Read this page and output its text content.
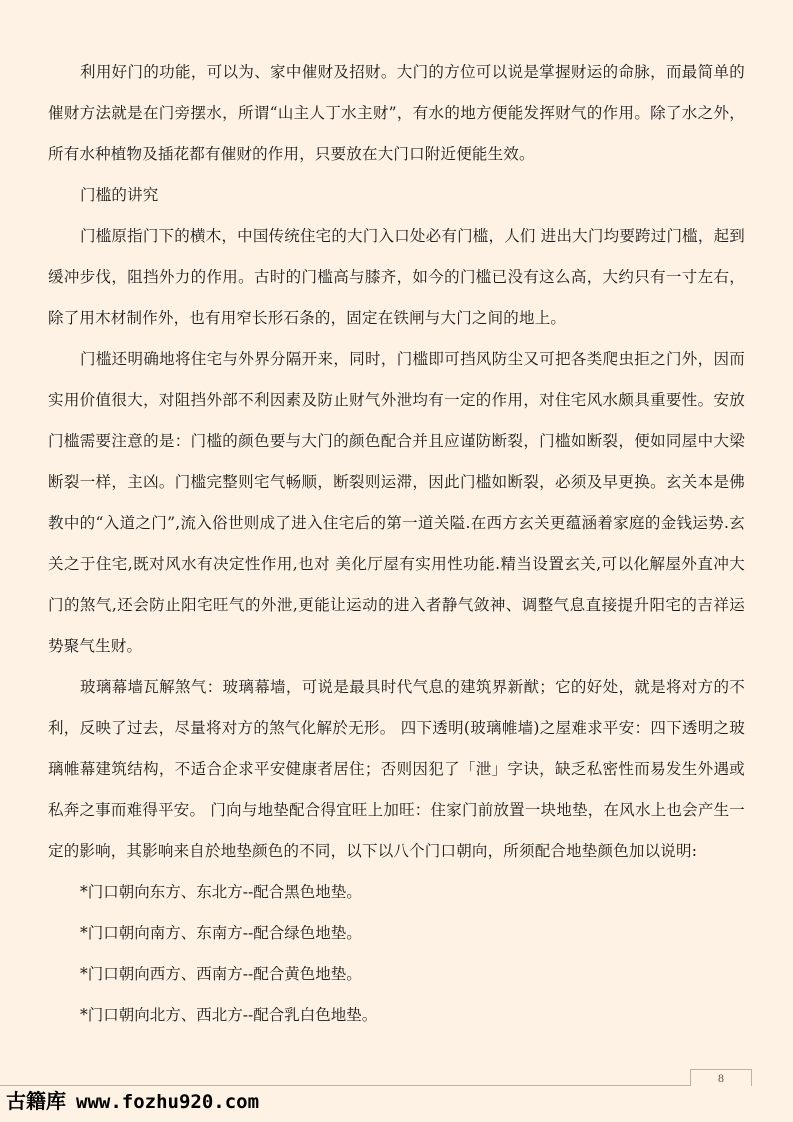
利用好门的功能，可以为、家中催财及招财。大门的方位可以说是掌握财运的命脉，而最简单的催财方法就是在门旁摆水，所谓“山主人丁水主财”，有水的地方便能发挥财气的作用。除了水之外，所有水种植物及插花都有催财的作用，只要放在大门口附近便能生效。

门槛的讲究

门槛原指门下的横木，中国传统住宅的大门入口处必有门槛，人们 进出大门均要跨过门槛，起到缓冲步伐，阻挡外力的作用。古时的门槛高与膝齐，如今的门槛已没有这么高，大约只有一寸左右，除了用木材制作外，也有用窄长形石条的，固定在铁闸与大门之间的地上。

门槛还明确地将住宅与外界分隔开来，同时，门槛即可挡风防尘又可把各类爬虫拒之门外，因而实用价值很大，对阻挡外部不利因素及防止财气外泄均有一定的作用，对住宅风水颇具重要性。安放门槛需要注意的是：门槛的颜色要与大门的颜色配合并且应谨防断裂，门槛如断裂，便如同屋中大梁断裂一样，主凶。门槛完整则宅气畅顺，断裂则运滞，因此门槛如断裂，必须及早更换。玄关本是佛教中的“入道之门”,流入俗世则成了进入住宅后的第一道关隘.在西方玄关更蕴涵着家庭的金钱运势.玄关之于住宅,既对风水有决定性作用,也对 美化厅屋有实用性功能.精当设置玄关,可以化解屋外直冲大门的煞气,还会防止阳宅旺气的外泄,更能让运动的进入者静气敛神、调整气息直接提升阳宅的吉祥运势聚气生财。

玻璃幕墙瓦解煞气：玻璃幕墙，可说是最具时代气息的建筑界新猷；它的好处，就是将对方的不利，反映了过去，尽量将对方的煞气化解於无形。 四下透明(玻璃帷墙)之屋难求平安：四下透明之玻璃帷幕建筑结构，不适合企求平安健康者居住；否则因犯了「泄」字诀，缺乏私密性而易发生外遇或私奔之事而难得平安。 门向与地垫配合得宜旺上加旺：住家门前放置一块地垫，在风水上也会产生一定的影响，其影响来自於地垫颜色的不同，以下以八个门口朝向，所须配合地垫颜色加以说明:

*门口朝向东方、东北方--配合黑色地垫。

*门口朝向南方、东南方--配合绿色地垫。

*门口朝向西方、西南方--配合黄色地垫。

*门口朝向北方、西北方--配合乳白色地垫。

8
古籍库 www.fozhu920.com
